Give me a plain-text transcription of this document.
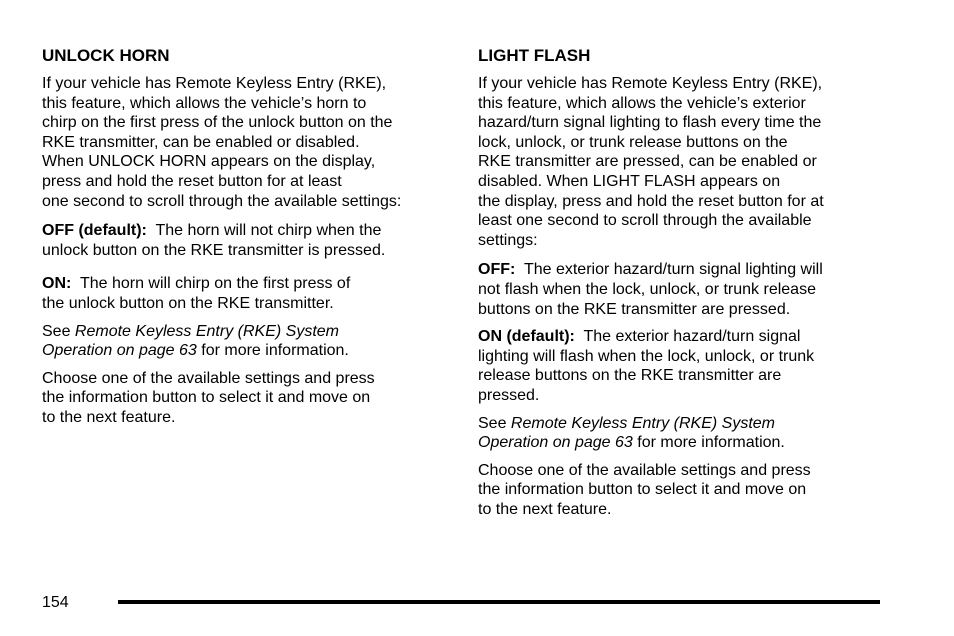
UNLOCK HORN

If your vehicle has Remote Keyless Entry (RKE),
this feature, which allows the vehicle’s horn to
chirp on the first press of the unlock button on the
RKE transmitter, can be enabled or disabled.
When UNLOCK HORN appears on the display,
press and hold the reset button for at least
one second to scroll through the available settings:

OFF (default): The horn will not chirp when the
unlock button on the RKE transmitter is pressed.

ON: The horn will chirp on the first press of
the unlock button on the RKE transmitter.

See Remote Keyless Entry (RKE) System
Operation on page 63 for more information.

Choose one of the available settings and press
the information button to select it and move on
to the next feature.

LIGHT FLASH

If your vehicle has Remote Keyless Entry (RKE),
this feature, which allows the vehicle’s exterior
hazard/turn signal lighting to flash every time the
lock, unlock, or trunk release buttons on the
RKE transmitter are pressed, can be enabled or
disabled. When LIGHT FLASH appears on
the display, press and hold the reset button for at
least one second to scroll through the available
settings:

OFF: The exterior hazard/turn signal lighting will
not flash when the lock, unlock, or trunk release
buttons on the RKE transmitter are pressed.

ON (default): The exterior hazard/turn signal
lighting will flash when the lock, unlock, or trunk
release buttons on the RKE transmitter are
pressed.

See Remote Keyless Entry (RKE) System
Operation on page 63 for more information.

Choose one of the available settings and press
the information button to select it and move on
to the next feature.

154
